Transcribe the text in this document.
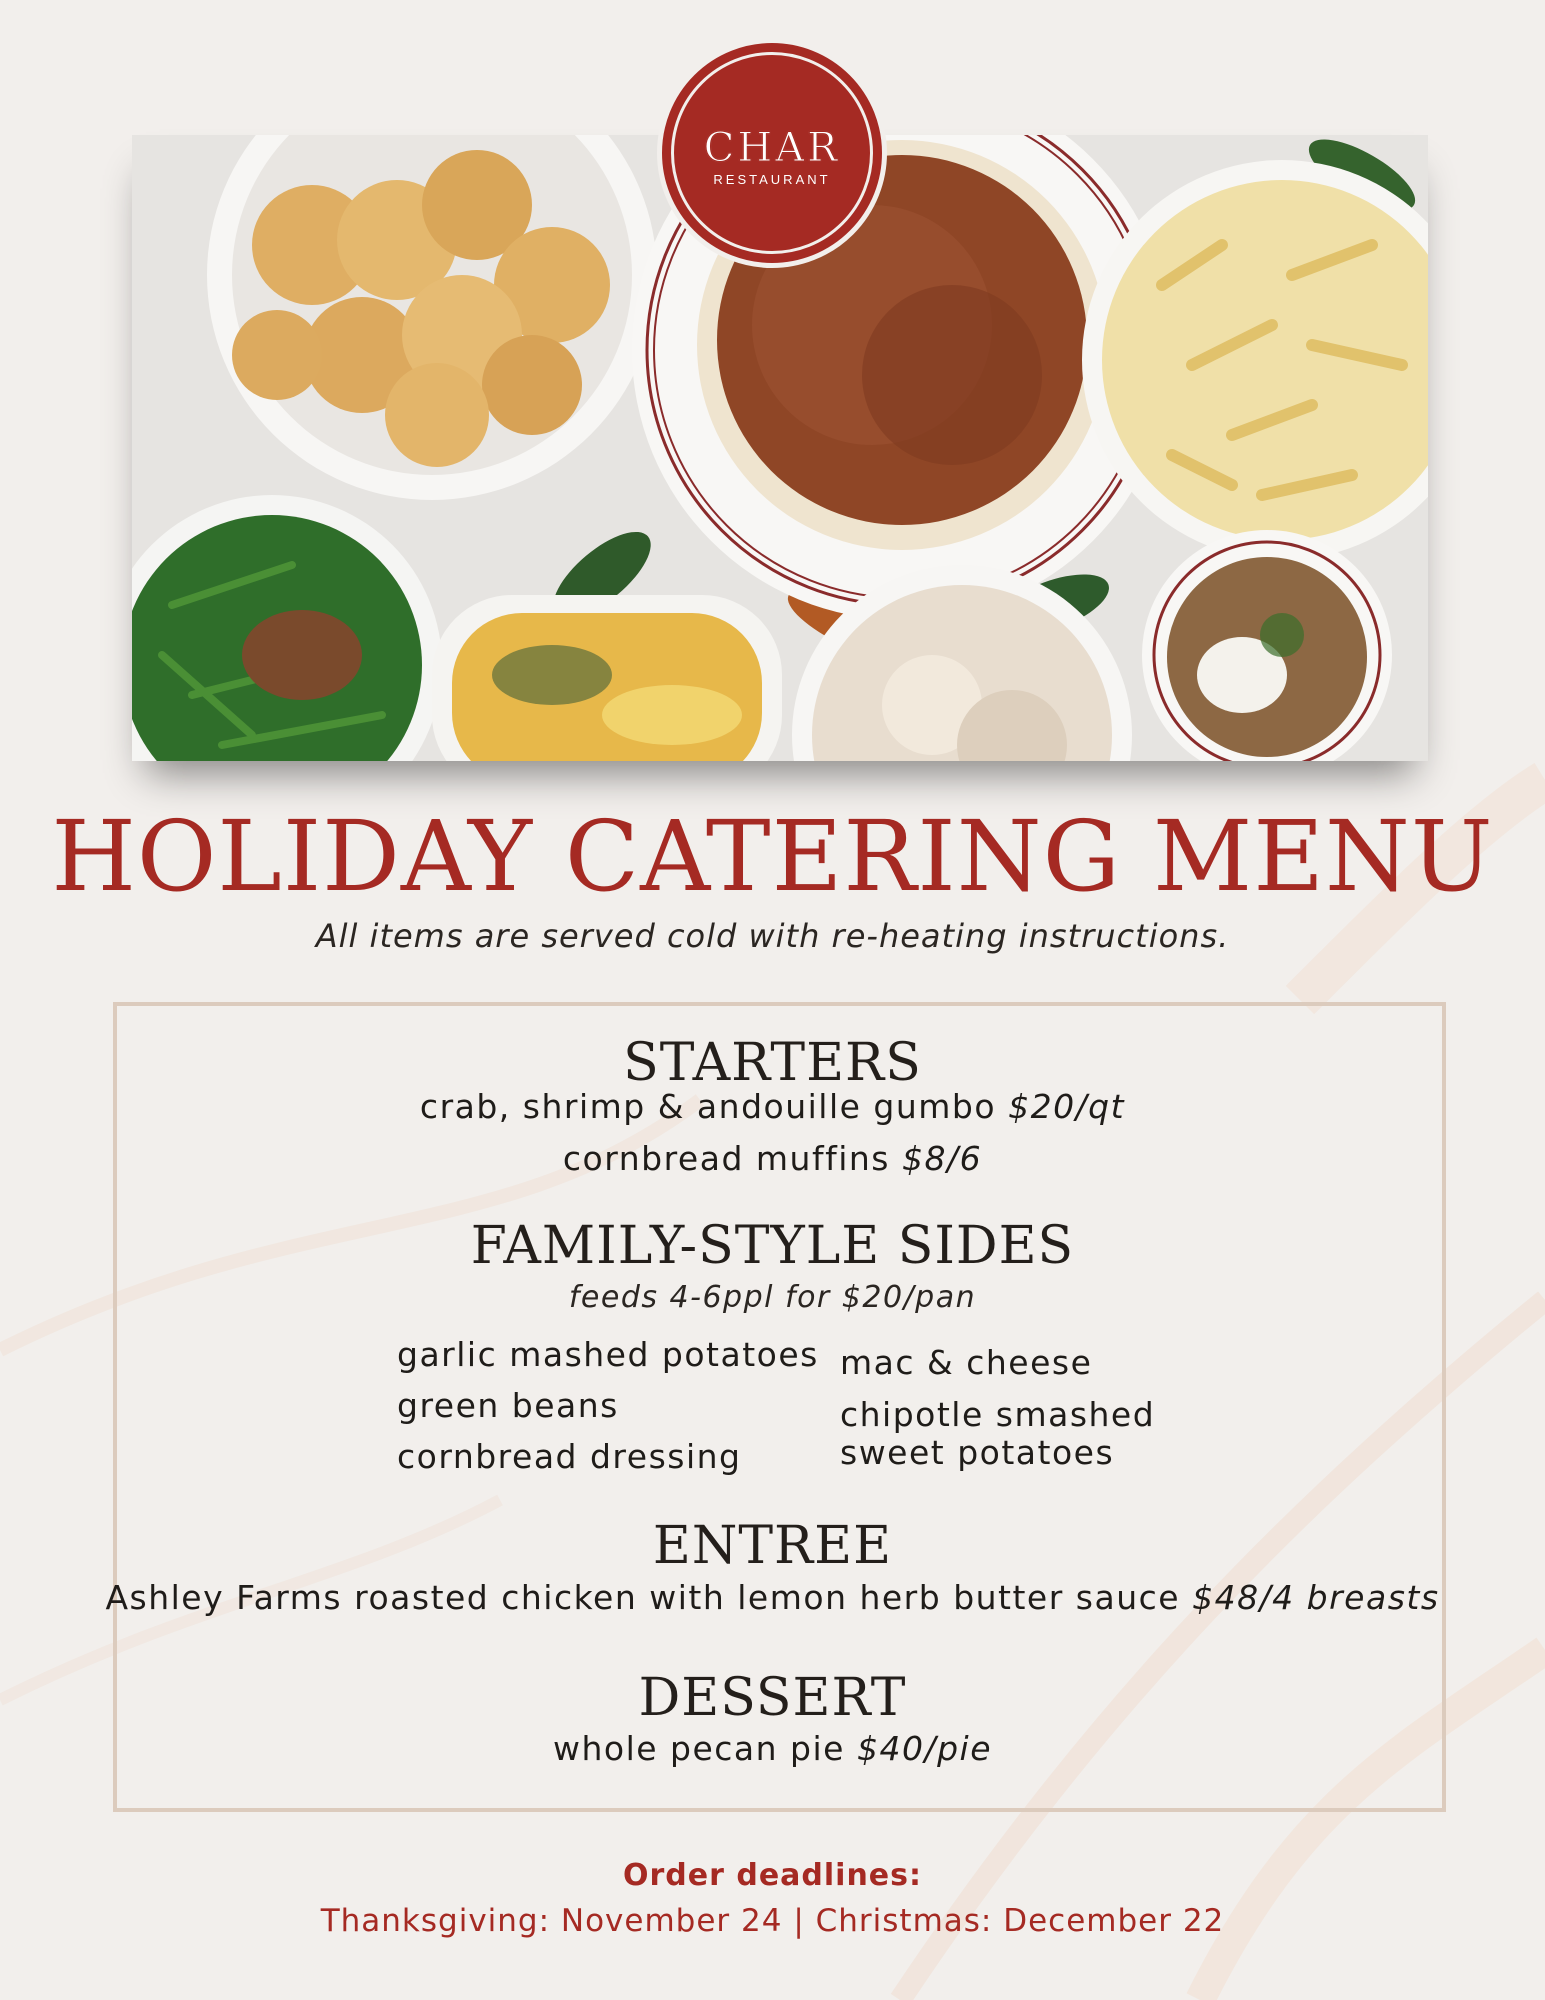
CHAR
RESTAURANT
HOLIDAY CATERING MENU
All items are served cold with re-heating instructions.
STARTERS
crab, shrimp & andouille gumbo $20/qt
cornbread muffins $8/6
FAMILY-STYLE SIDES
feeds 4-6ppl for $20/pan
garlic mashed potatoes
green beans
cornbread dressing
mac & cheese
chipotle smashed
sweet potatoes
ENTREE
Ashley Farms roasted chicken with lemon herb butter sauce $48/4 breasts
DESSERT
whole pecan pie $40/pie
Order deadlines:
Thanksgiving: November 24 | Christmas: December 22
